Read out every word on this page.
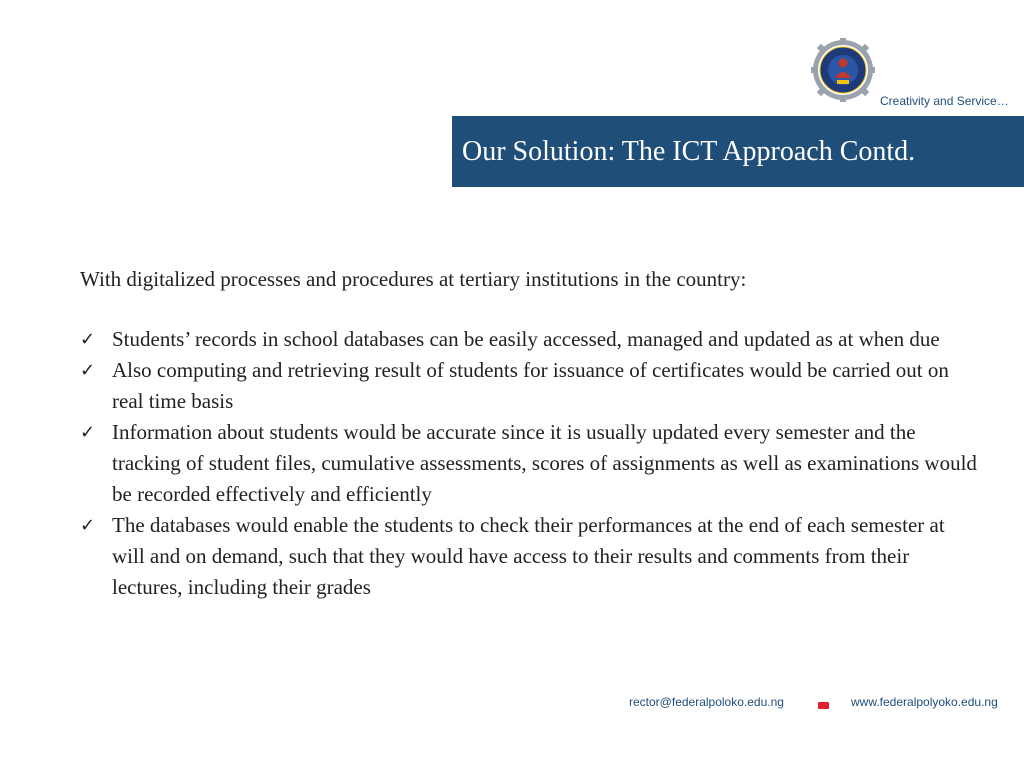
Creativity and Service…
Our Solution: The ICT Approach Contd.
With digitalized processes and procedures at tertiary institutions in the country:
✓ Students’ records in school databases can be easily accessed, managed and updated as at when due
✓ Also computing and retrieving result of students for issuance of certificates would be carried out on real time basis
✓ Information about students would be accurate since it is usually updated every semester and the tracking of student files, cumulative assessments, scores of assignments as well as examinations would be recorded effectively and efficiently
✓ The databases would enable the students to check their performances at the end of each semester at will and on demand, such that they would have access to their results and comments from their lectures, including their grades
rector@federalpoloko.edu.ng	www.federalpolyoko.edu.ng
